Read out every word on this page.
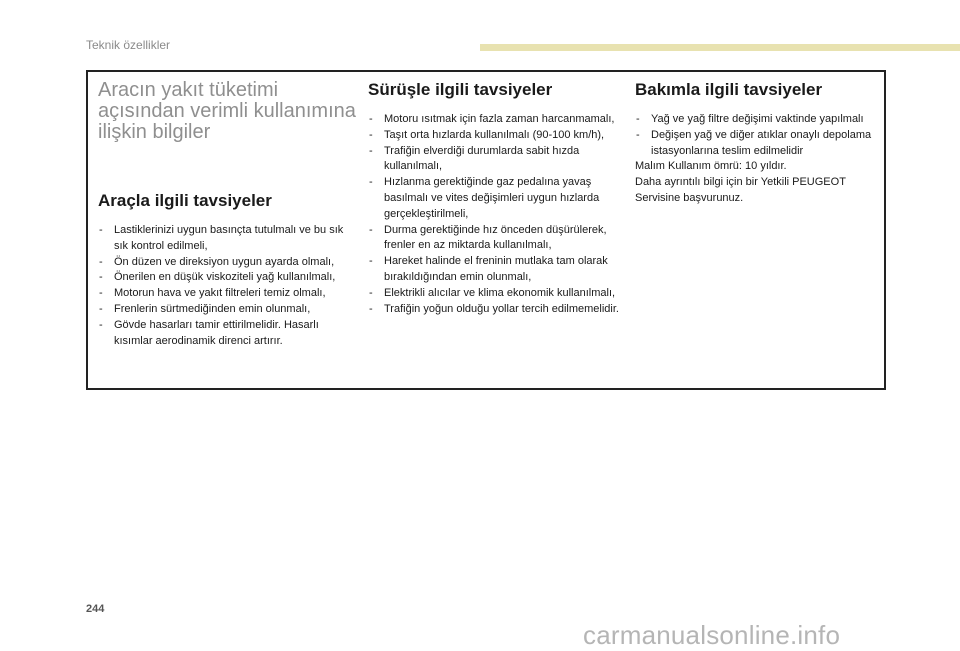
Teknik özellikler
Aracın yakıt tüketimi açısından verimli kullanımına ilişkin bilgiler
Araçla ilgili tavsiyeler
- Lastiklerinizi uygun basınçta tutulmalı ve bu sık sık kontrol edilmeli,
- Ön düzen ve direksiyon uygun ayarda olmalı,
- Önerilen en düşük viskoziteli yağ kullanılmalı,
- Motorun hava ve yakıt filtreleri temiz olmalı,
- Frenlerin sürtmediğinden emin olunmalı,
- Gövde hasarları tamir ettirilmelidir. Hasarlı kısımlar aerodinamik direnci artırır.
Sürüşle ilgili tavsiyeler
- Motoru ısıtmak için fazla zaman harcanmamalı,
- Taşıt orta hızlarda kullanılmalı (90-100 km/h),
- Trafiğin elverdiği durumlarda sabit hızda kullanılmalı,
- Hızlanma gerektiğinde gaz pedalına yavaş basılmalı ve vites değişimleri uygun hızlarda gerçekleştirilmeli,
- Durma gerektiğinde hız önceden düşürülerek, frenler en az miktarda kullanılmalı,
- Hareket halinde el freninin mutlaka tam olarak bırakıldığından emin olunmalı,
- Elektrikli alıcılar ve klima ekonomik kullanılmalı,
- Trafiğin yoğun olduğu yollar tercih edilmemelidir.
Bakımla ilgili tavsiyeler
- Yağ ve yağ filtre değişimi vaktinde yapılmalı
- Değişen yağ ve diğer atıklar onaylı depolama istasyonlarına teslim edilmelidir

Malım Kullanım ömrü: 10 yıldır.

Daha ayrıntılı bilgi için bir Yetkili PEUGEOT Servisine başvurunuz.

244
carmanualsonline.info
